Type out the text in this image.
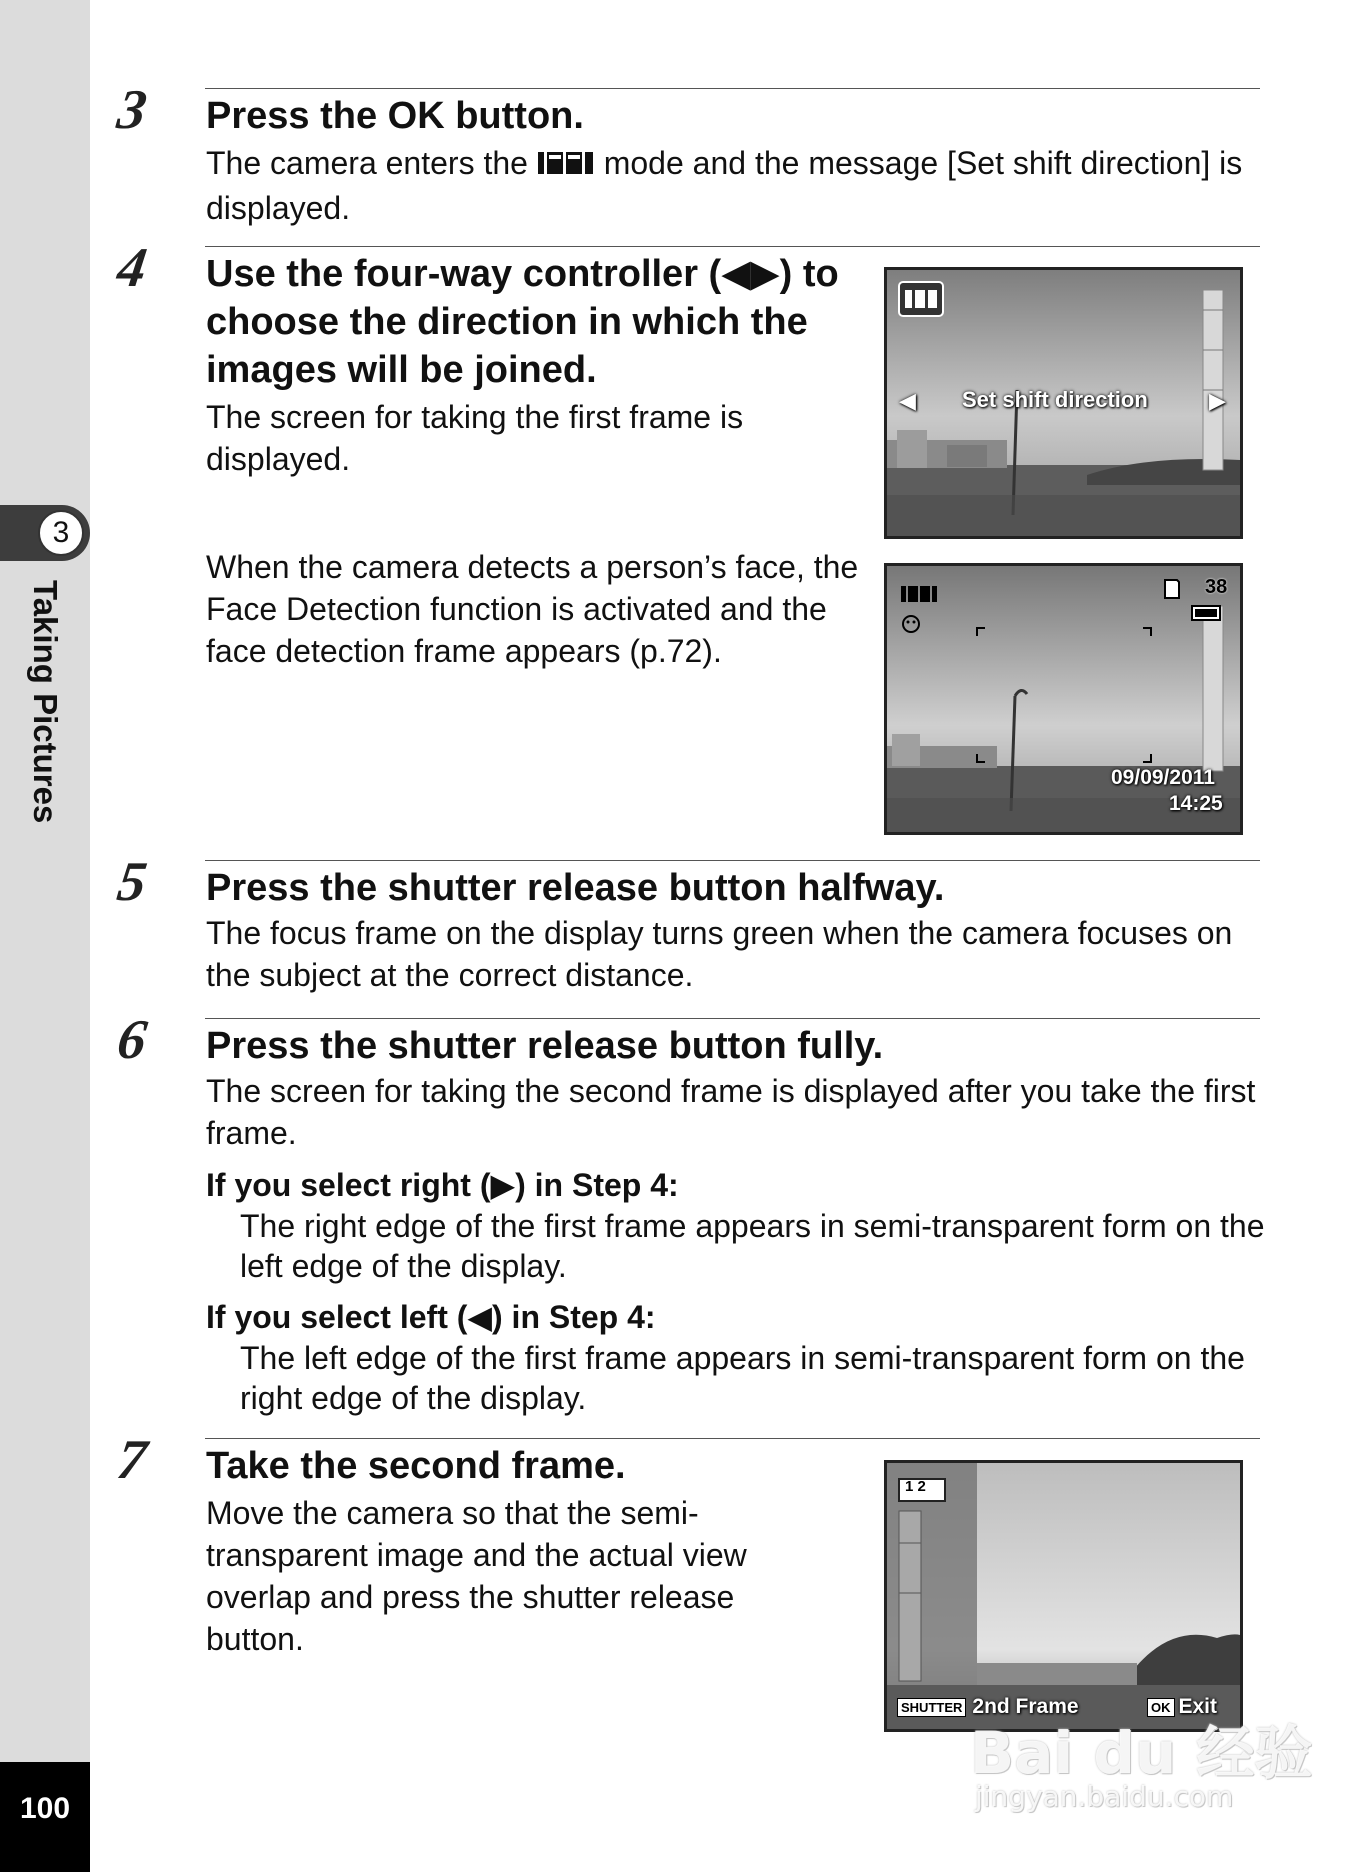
3
Taking Pictures
100
3 Press the OK button.
The camera enters the mode and the message [Set shift direction] is displayed.
4 Use the four-way controller (◀▶) to choose the direction in which the images will be joined.
The screen for taking the first frame is displayed.
When the camera detects a person’s face, the Face Detection function is activated and the face detection frame appears (p.72).
◀ Set shift direction	▶
38
09/09/2011
14:25
5 Press the shutter release button halfway.
The focus frame on the display turns green when the camera focuses on the subject at the correct distance.
6 Press the shutter release button fully.
The screen for taking the second frame is displayed after you take the first frame.
If you select right (▶) in Step 4:
The right edge of the first frame appears in semi-transparent form on the left edge of the display.
If you select left (◀) in Step 4:
The left edge of the first frame appears in semi-transparent form on the right edge of the display.
7 Take the second frame.
Move the camera so that the semi-transparent image and the actual view overlap and press the shutter release button.
1 2
SHUTTER 2nd Frame	OK Exit
Bai du 经验
jingyan.baidu.com
